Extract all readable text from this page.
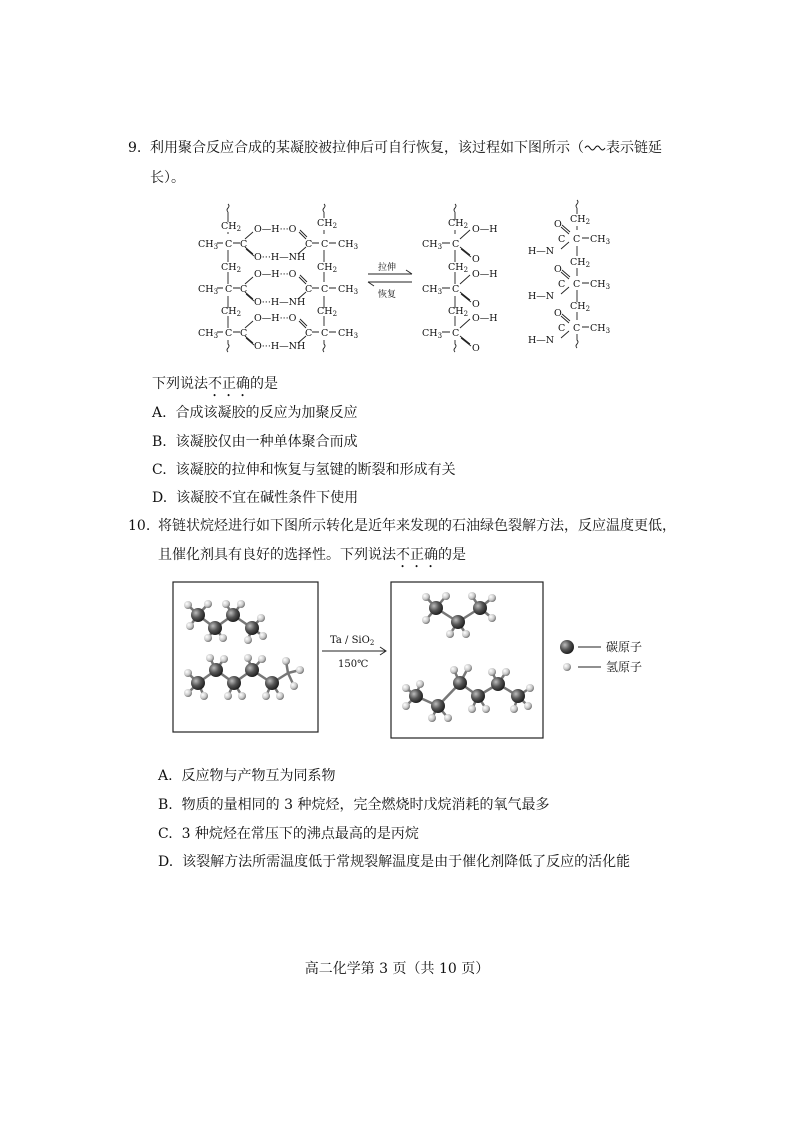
9. 利用聚合反应合成的某凝胶被拉伸后可自行恢复，该过程如下图所示（ 表示链延
长）。
$CH_2$
$CH_3$ C C
O—H···O
O···H—NH
$CH_2$
$CH_3$ C C
O—H···O
O···H—NH
$CH_2$
$CH_3$ C C
O—H···O
O···H—NH
$CH_2$
C C $CH_3$
$CH_2$
C C $CH_3$
$CH_2$
C C $CH_3$
拉伸
恢复
$CH_2$
$CH_3$ C
O—H
O
$CH_2$
$CH_3$ C
O—H
O
$CH_2$
$CH_3$ C
O—H
O
$CH_2$
O
H—N
C C $CH_3$
$CH_2$
O
H—N
C C $CH_3$
$CH_2$
O
H—N
C C $CH_3$
下列说法不正确的是
A. 合成该凝胶的反应为加聚反应
B. 该凝胶仅由一种单体聚合而成
C. 该凝胶的拉伸和恢复与氢键的断裂和形成有关
D. 该凝胶不宜在碱性条件下使用
10. 将链状烷烃进行如下图所示转化是近年来发现的石油绿色裂解方法，反应温度更低，
且催化剂具有良好的选择性。下列说法不正确的是
Ta / SiO$_2$
150℃
碳原子
氢原子
A. 反应物与产物互为同系物
B. 物质的量相同的 3 种烷烃，完全燃烧时戊烷消耗的氧气最多
C. 3 种烷烃在常压下的沸点最高的是丙烷
D. 该裂解方法所需温度低于常规裂解温度是由于催化剂降低了反应的活化能
高二化学第 3 页（共 10 页）
